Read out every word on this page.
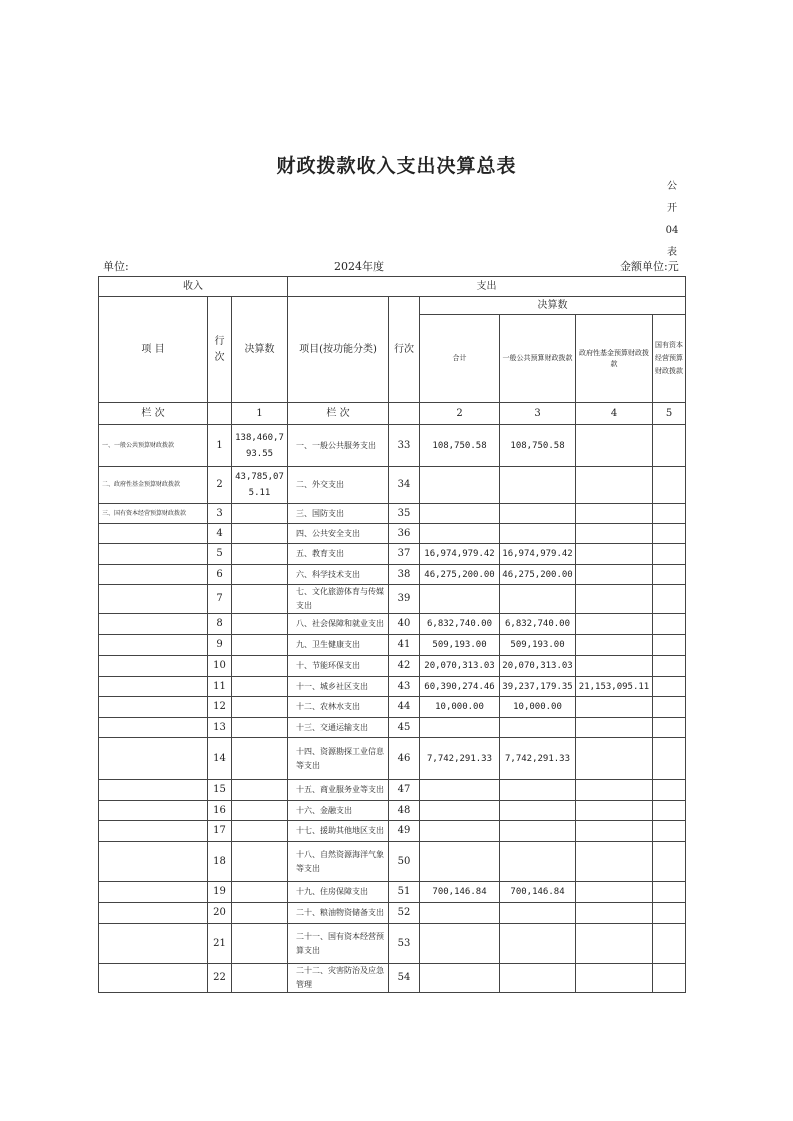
财政拨款收入支出决算总表
公
开
04
表
单位:	2024年度	金额单位:元
收入			支出					
项 目	行次	决算数	项目(按功能分类)	行次	决算数			
					合计	一般公共预算财政拨款	政府性基金预算财政拨款	国有资本经营预算财政拨款
栏 次		1	栏 次		2	3	4	5
一、一般公共预算财政拨款	1	138,460,793.55	一、一般公共服务支出	33	108,750.58	108,750.58		
二、政府性基金预算财政拨款	2	43,785,075.11	二、外交支出	34				
三、国有资本经营预算财政拨款	3		三、国防支出	35				
	4		四、公共安全支出	36				
	5		五、教育支出	37	16,974,979.42	16,974,979.42		
	6		六、科学技术支出	38	46,275,200.00	46,275,200.00		
	7		七、文化旅游体育与传媒支出	39				
	8		八、社会保障和就业支出	40	6,832,740.00	6,832,740.00		
	9		九、卫生健康支出	41	509,193.00	509,193.00		
	10		十、节能环保支出	42	20,070,313.03	20,070,313.03		
	11		十一、城乡社区支出	43	60,390,274.46	39,237,179.35	21,153,095.11	
	12		十二、农林水支出	44	10,000.00	10,000.00		
	13		十三、交通运输支出	45				
	14		十四、资源勘探工业信息等支出	46	7,742,291.33	7,742,291.33		
	15		十五、商业服务业等支出	47				
	16		十六、金融支出	48				
	17		十七、援助其他地区支出	49				
	18		十八、自然资源海洋气象等支出	50				
	19		十九、住房保障支出	51	700,146.84	700,146.84		
	20		二十、粮油物资储备支出	52				
	21		二十一、国有资本经营预算支出	53				
	22		二十二、灾害防治及应急管理	54				
